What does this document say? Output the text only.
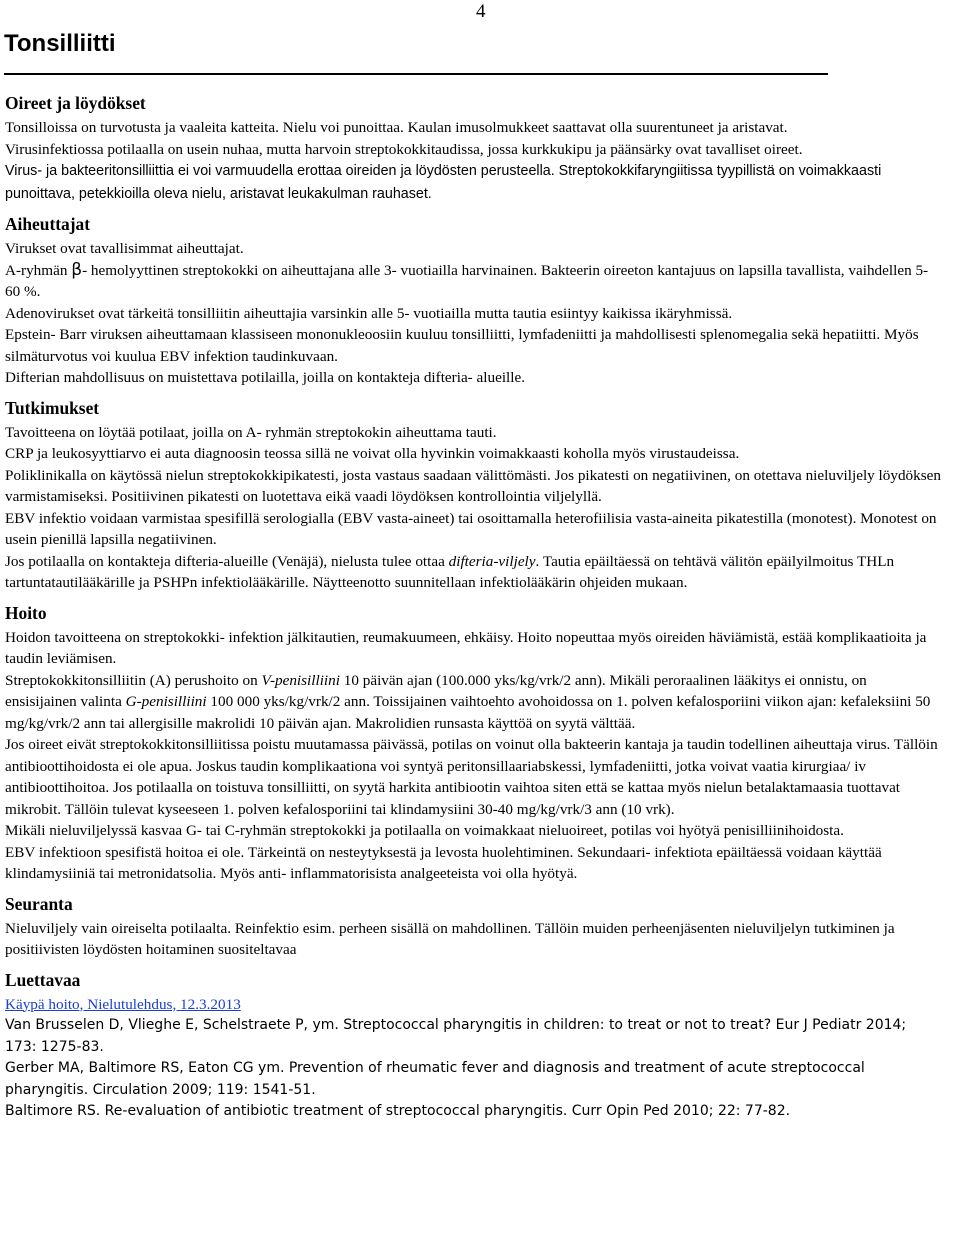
4
Tonsilliitti
Oireet ja löydökset

Tonsilloissa on turvotusta ja vaaleita katteita. Nielu voi punoittaa. Kaulan imusolmukkeet saattavat olla suurentuneet ja aristavat.

Virusinfektiossa potilaalla on usein nuhaa, mutta harvoin streptokokkitaudissa, jossa kurkkukipu ja päänsärky ovat tavalliset oireet.

Virus- ja bakteeritonsilliittia ei voi varmuudella erottaa oireiden ja löydösten perusteella. Streptokokkifaryngiitissa tyypillistä on voimakkaasti punoittava, petekkioilla oleva nielu, aristavat leukakulman rauhaset.

Aiheuttajat

Virukset ovat tavallisimmat aiheuttajat.

A-ryhmän β- hemolyyttinen streptokokki on aiheuttajana alle 3- vuotiailla harvinainen. Bakteerin oireeton kantajuus on lapsilla tavallista, vaihdellen 5-60 %.

Adenovirukset ovat tärkeitä tonsilliitin aiheuttajia varsinkin alle 5- vuotiailla mutta tautia esiintyy kaikissa ikäryhmissä.

Epstein- Barr viruksen aiheuttamaan klassiseen mononukleoosiin kuuluu tonsilliitti, lymfadeniitti ja mahdollisesti splenomegalia sekä hepatiitti. Myös silmäturvotus voi kuulua EBV infektion taudinkuvaan.

Difterian mahdollisuus on muistettava potilailla, joilla on kontakteja difteria- alueille.

Tutkimukset

Tavoitteena on löytää potilaat, joilla on A- ryhmän streptokokin aiheuttama tauti.

CRP ja leukosyyttiarvo ei auta diagnoosin teossa sillä ne voivat olla hyvinkin voimakkaasti koholla myös virustaudeissa.

Poliklinikalla on käytössä nielun streptokokkipikatesti, josta vastaus saadaan välittömästi. Jos pikatesti on negatiivinen, on otettava nieluviljely löydöksen varmistamiseksi. Positiivinen pikatesti on luotettava eikä vaadi löydöksen kontrollointia viljelyllä.

EBV infektio voidaan varmistaa spesifillä serologialla (EBV vasta-aineet) tai osoittamalla heterofiilisia vasta-aineita pikatestilla (monotest). Monotest on usein pienillä lapsilla negatiivinen.

Jos potilaalla on kontakteja difteria-alueille (Venäjä), nielusta tulee ottaa difteria-viljely. Tautia epäiltäessä on tehtävä välitön epäilyilmoitus THLn tartuntatautilääkärille ja PSHPn infektiolääkärille. Näytteenotto suunnitellaan infektiolääkärin ohjeiden mukaan.

Hoito

Hoidon tavoitteena on streptokokki- infektion jälkitautien, reumakuumeen, ehkäisy. Hoito nopeuttaa myös oireiden häviämistä, estää komplikaatioita ja taudin leviämisen.

Streptokokkitonsilliitin (A) perushoito on V-penisilliini 10 päivän ajan (100.000 yks/kg/vrk/2 ann). Mikäli peroraalinen lääkitys ei onnistu, on ensisijainen valinta G-penisilliini 100 000 yks/kg/vrk/2 ann. Toissijainen vaihtoehto avohoidossa on 1. polven kefalosporiini viikon ajan: kefaleksiini 50 mg/kg/vrk/2 ann tai allergisille makrolidi 10 päivän ajan. Makrolidien runsasta käyttöä on syytä välttää.

Jos oireet eivät streptokokkitonsilliitissa poistu muutamassa päivässä, potilas on voinut olla bakteerin kantaja ja taudin todellinen aiheuttaja virus. Tällöin antibioottihoidosta ei ole apua. Joskus taudin komplikaationa voi syntyä peritonsillaariabskessi, lymfadeniitti, jotka voivat vaatia kirurgiaa/ iv antibioottihoitoa. Jos potilaalla on toistuva tonsilliitti, on syytä harkita antibiootin vaihtoa siten että se kattaa myös nielun betalaktamaasia tuottavat mikrobit. Tällöin tulevat kyseeseen 1. polven kefalosporiini tai klindamysiini 30-40 mg/kg/vrk/3 ann (10 vrk).

Mikäli nieluviljelyssä kasvaa G- tai C-ryhmän streptokokki ja potilaalla on voimakkaat nieluoireet, potilas voi hyötyä penisilliinihoidosta.

EBV infektioon spesifistä hoitoa ei ole. Tärkeintä on nesteytyksestä ja levosta huolehtiminen. Sekundaari- infektiota epäiltäessä voidaan käyttää klindamysiiniä tai metronidatsolia. Myös anti- inflammatorisista analgeeteista voi olla hyötyä.

Seuranta

Nieluviljely vain oireiselta potilaalta. Reinfektio esim. perheen sisällä on mahdollinen. Tällöin muiden perheenjäsenten nieluviljelyn tutkiminen ja positiivisten löydösten hoitaminen suositeltavaa

Luettavaa

Käypä hoito, Nielutulehdus, 12.3.2013

Van Brusselen D, Vlieghe E, Schelstraete P, ym. Streptococcal pharyngitis in children: to treat or not to treat? Eur J Pediatr 2014; 173: 1275-83.

Gerber MA, Baltimore RS, Eaton CG ym. Prevention of rheumatic fever and diagnosis and treatment of acute streptococcal pharyngitis. Circulation 2009; 119: 1541-51.

Baltimore RS. Re-evaluation of antibiotic treatment of streptococcal pharyngitis. Curr Opin Ped 2010; 22: 77-82.
